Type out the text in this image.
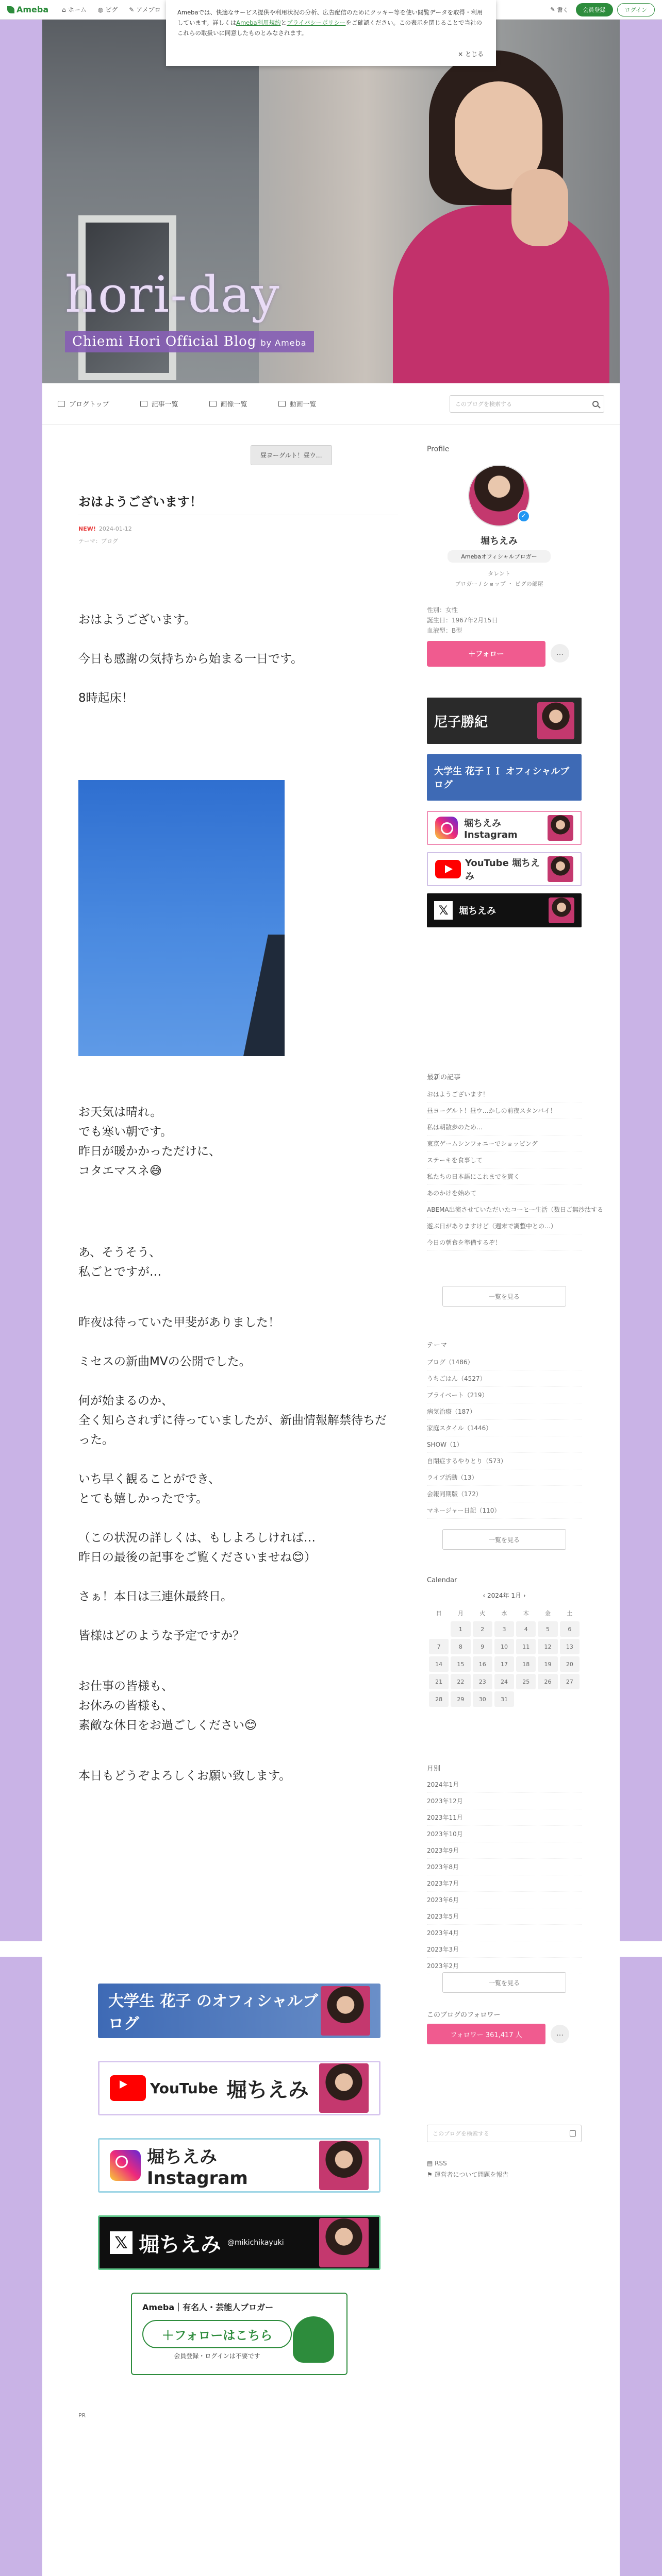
Ameba ⌂ ホーム ◍ ピグ ✎ アメブロ	✎ 書く	会員登録	ログイン
Amebaでは、快適なサービス提供や利用状況の分析、広告配信のためにクッキー等を使い閲覧データを取得・利用しています。詳しくはAmeba利用規約とプライバシーポリシーをご確認ください。この表示を閉じることで当社のこれらの取扱いに同意したものとみなされます。
× とじる
hori-day
Chiemi Hori Official Blog by Ameba
ブログトップ	記事一覧	画像一覧	動画一覧	このブログを検索する
昼ヨーグルト！昼ウ…
おはようございます！
NEW! 2024-01-12
テーマ：ブログ

おはようございます。

今日も感謝の気持ちから始まる一日です。

8時起床！

お天気は晴れ。
でも寒い朝です。
昨日が暖かかっただけに、
コタエマスネ😅

あ、そうそう、
私ごとですが…

昨夜は待っていた甲斐がありました！

ミセスの新曲MVの公開でした。

何が始まるのか、
全く知らされずに待っていましたが、新曲情報解禁待ちだった。

いち早く観ることができ、
とても嬉しかったです。

（この状況の詳しくは、もしよろしければ…
昨日の最後の記事をご覧くださいませね😊）

さぁ！本日は三連休最終日。

皆様はどのような予定ですか？

お仕事の皆様も、
お休みの皆様も、
素敵な休日をお過ごしください😊

本日もどうぞよろしくお願い致します。

Profile
✓
堀ちえみ
Amebaオフィシャルブロガー
タレント
ブロガー / ショップ ・ ピグの部屋
性別：女性
誕生日：1967年2月15日
血液型：B型
＋フォロー	…
尼子勝紀
大学生 花子ＩＩ オフィシャルブログ
堀ちえみ Instagram
YouTube 堀ちえみ
𝕏	堀ちえみ
最新の記事
おはようございます！
昼ヨーグルト！昼ウ…かしの前夜スタンバイ！
私は朝散歩のため…
東京ゲームシンフォニーでショッピング
ステーキを食事して
私たちの日本語にこれまでを貫く
あのかけを始めて
ABEMA出演させていただいたコーヒー生活（数日ご無沙汰する
遊ぶ日がありますけど（週末で調整中との…）
今日の朝食を準備するぞ！
一覧を見る
テーマ
ブログ（1486）
うちごはん（4527）
プライベート（219）
病気治療（187）
家庭スタイル（1446）
SHOW（1）
自閉症するやりとり（573）
ライブ活動（13）
会報同期版（172）
マネージャー日記（110）
一覧を見る
Calendar
‹ 2024年 1月 ›
日	月	火	水	木	金	土
	1	2	3	4	5	6
7	8	9	10	11	12	13
14	15	16	17	18	19	20
21	22	23	24	25	26	27
28	29	30	31			
月別
2024年1月
2023年12月
2023年11月
2023年10月
2023年9月
2023年8月
2023年7月
2023年6月
2023年5月
2023年4月
2023年3月
2023年2月
一覧を見る
このブログのフォロワー
フォロワー 361,417 人	…
このブログを検索する
▤ RSS
⚑ 運営者について問題を報告
大学生 花子 のオフィシャルブログ
YouTube 堀ちえみ
堀ちえみ Instagram
𝕏 堀ちえみ @mikichikayuki
Ameba｜有名人・芸能人ブロガー
＋フォローはこちら
会員登録・ログインは不要です
PR
